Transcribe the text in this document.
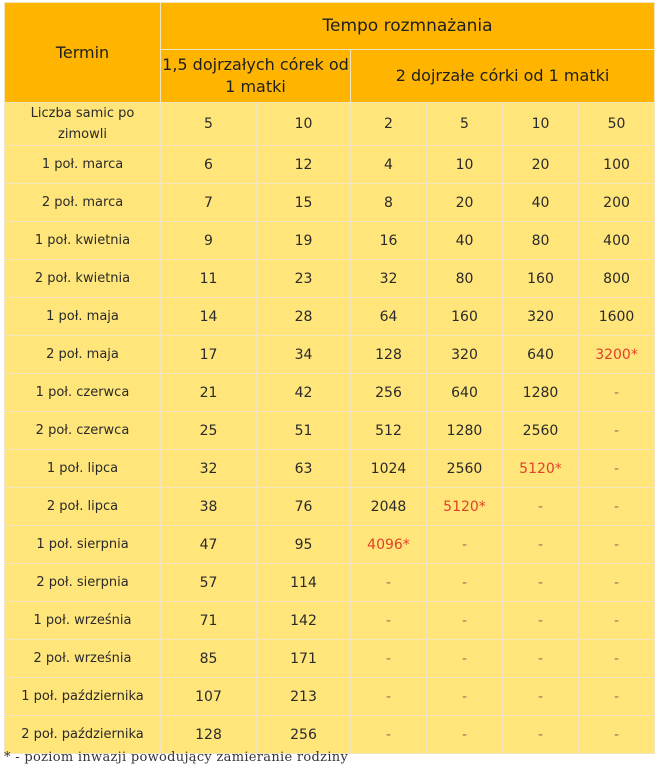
Termin	Tempo rozmnażania					
	1,5 dojrzałych córek od 1 matki		2 dojrzałe córki od 1 matki			
Liczba samic po zimowli	5	10	2	5	10	50
1 poł. marca	6	12	4	10	20	100
2 poł. marca	7	15	8	20	40	200
1 poł. kwietnia	9	19	16	40	80	400
2 poł. kwietnia	11	23	32	80	160	800
1 poł. maja	14	28	64	160	320	1600
2 poł. maja	17	34	128	320	640	3200*
1 poł. czerwca	21	42	256	640	1280	-
2 poł. czerwca	25	51	512	1280	2560	-
1 poł. lipca	32	63	1024	2560	5120*	-
2 poł. lipca	38	76	2048	5120*	-	-
1 poł. sierpnia	47	95	4096*	-	-	-
2 poł. sierpnia	57	114	-	-	-	-
1 poł. września	71	142	-	-	-	-
2 poł. września	85	171	-	-	-	-
1 poł. października	107	213	-	-	-	-
2 poł. października	128	256	-	-	-	-
* - poziom inwazji powodujący zamieranie rodziny
